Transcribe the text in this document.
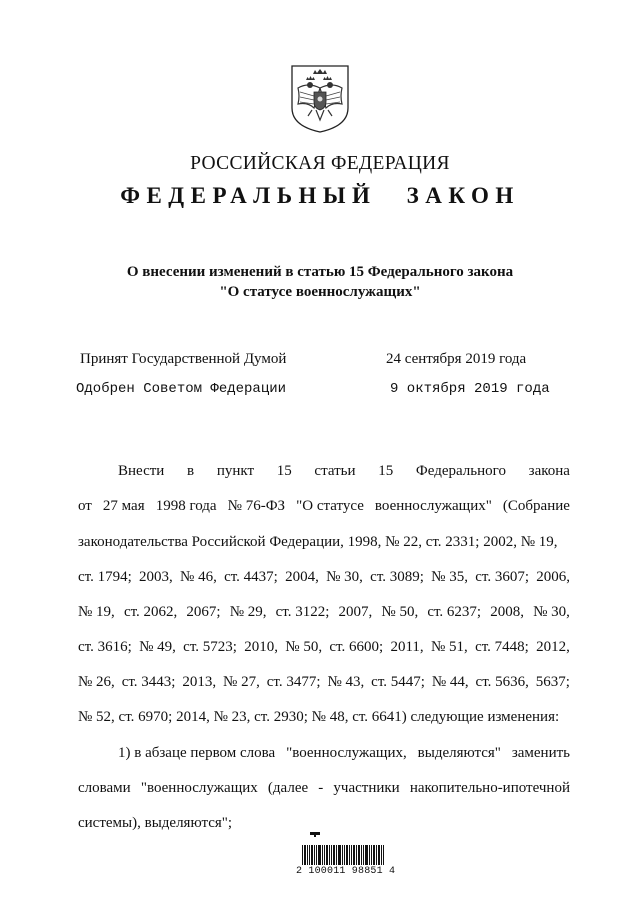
РОССИЙСКАЯ ФЕДЕРАЦИЯ
ФЕДЕРАЛЬНЫЙ ЗАКОН
О внесении изменений в статью 15 Федерального закона
"О статусе военнослужащих"
Принят Государственной Думой	24 сентября 2019 года
Одобрен Советом Федерации	9 октября 2019 года
Внести в пункт 15 статьи 15 Федерального закона
от 27 мая 1998 года № 76-ФЗ "О статусе военнослужащих" (Собрание
законодательства Российской Федерации, 1998, № 22, ст. 2331; 2002, № 19,
ст. 1794; 2003, № 46, ст. 4437; 2004, № 30, ст. 3089; № 35, ст. 3607; 2006,
№ 19, ст. 2062, 2067; № 29, ст. 3122; 2007, № 50, ст. 6237; 2008, № 30,
ст. 3616; № 49, ст. 5723; 2010, № 50, ст. 6600; 2011, № 51, ст. 7448; 2012,
№ 26, ст. 3443; 2013, № 27, ст. 3477; № 43, ст. 5447; № 44, ст. 5636, 5637;
№ 52, ст. 6970; 2014, № 23, ст. 2930; № 48, ст. 6641) следующие изменения:
1) в абзаце первом слова "военнослужащих, выделяются" заменить
словами "военнослужащих (далее - участники накопительно-ипотечной
системы), выделяются";
2 100011 98851 4
